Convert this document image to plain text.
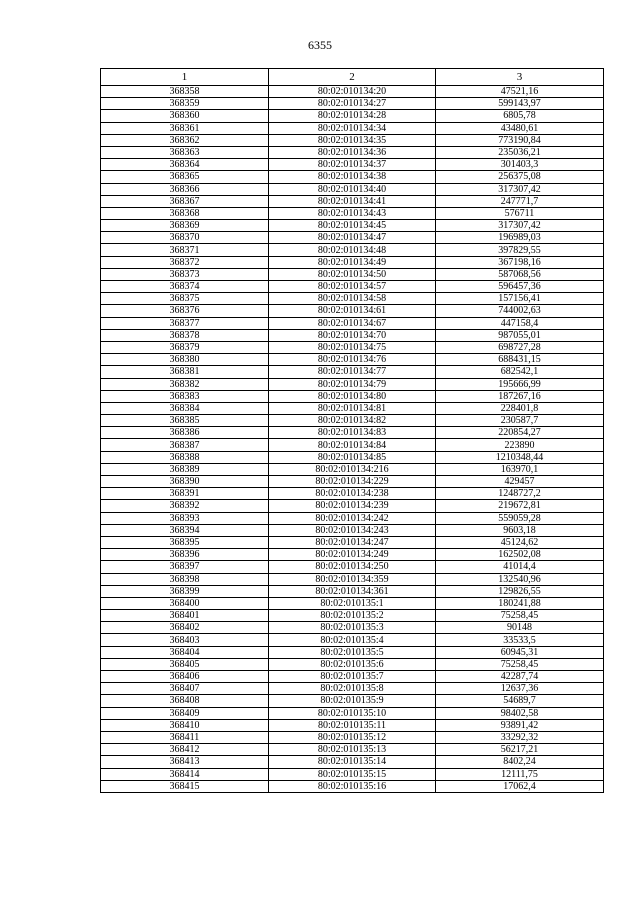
6355
1	2	3
368358	80:02:010134:20	47521,16
368359	80:02:010134:27	599143,97
368360	80:02:010134:28	6805,78
368361	80:02:010134:34	43480,61
368362	80:02:010134:35	773190,84
368363	80:02:010134:36	235036,21
368364	80:02:010134:37	301403,3
368365	80:02:010134:38	256375,08
368366	80:02:010134:40	317307,42
368367	80:02:010134:41	247771,7
368368	80:02:010134:43	576711
368369	80:02:010134:45	317307,42
368370	80:02:010134:47	196989,03
368371	80:02:010134:48	397829,55
368372	80:02:010134:49	367198,16
368373	80:02:010134:50	587068,56
368374	80:02:010134:57	596457,36
368375	80:02:010134:58	157156,41
368376	80:02:010134:61	744002,63
368377	80:02:010134:67	447158,4
368378	80:02:010134:70	987055,01
368379	80:02:010134:75	698727,28
368380	80:02:010134:76	688431,15
368381	80:02:010134:77	682542,1
368382	80:02:010134:79	195666,99
368383	80:02:010134:80	187267,16
368384	80:02:010134:81	228401,8
368385	80:02:010134:82	230587,7
368386	80:02:010134:83	220854,27
368387	80:02:010134:84	223890
368388	80:02:010134:85	1210348,44
368389	80:02:010134:216	163970,1
368390	80:02:010134:229	429457
368391	80:02:010134:238	1248727,2
368392	80:02:010134:239	219672,81
368393	80:02:010134:242	559059,28
368394	80:02:010134:243	9603,18
368395	80:02:010134:247	45124,62
368396	80:02:010134:249	162502,08
368397	80:02:010134:250	41014,4
368398	80:02:010134:359	132540,96
368399	80:02:010134:361	129826,55
368400	80:02:010135:1	180241,88
368401	80:02:010135:2	75258,45
368402	80:02:010135:3	90148
368403	80:02:010135:4	33533,5
368404	80:02:010135:5	60945,31
368405	80:02:010135:6	75258,45
368406	80:02:010135:7	42287,74
368407	80:02:010135:8	12637,36
368408	80:02:010135:9	54689,7
368409	80:02:010135:10	98402,58
368410	80:02:010135:11	93891,42
368411	80:02:010135:12	33292,32
368412	80:02:010135:13	56217,21
368413	80:02:010135:14	8402,24
368414	80:02:010135:15	12111,75
368415	80:02:010135:16	17062,4
